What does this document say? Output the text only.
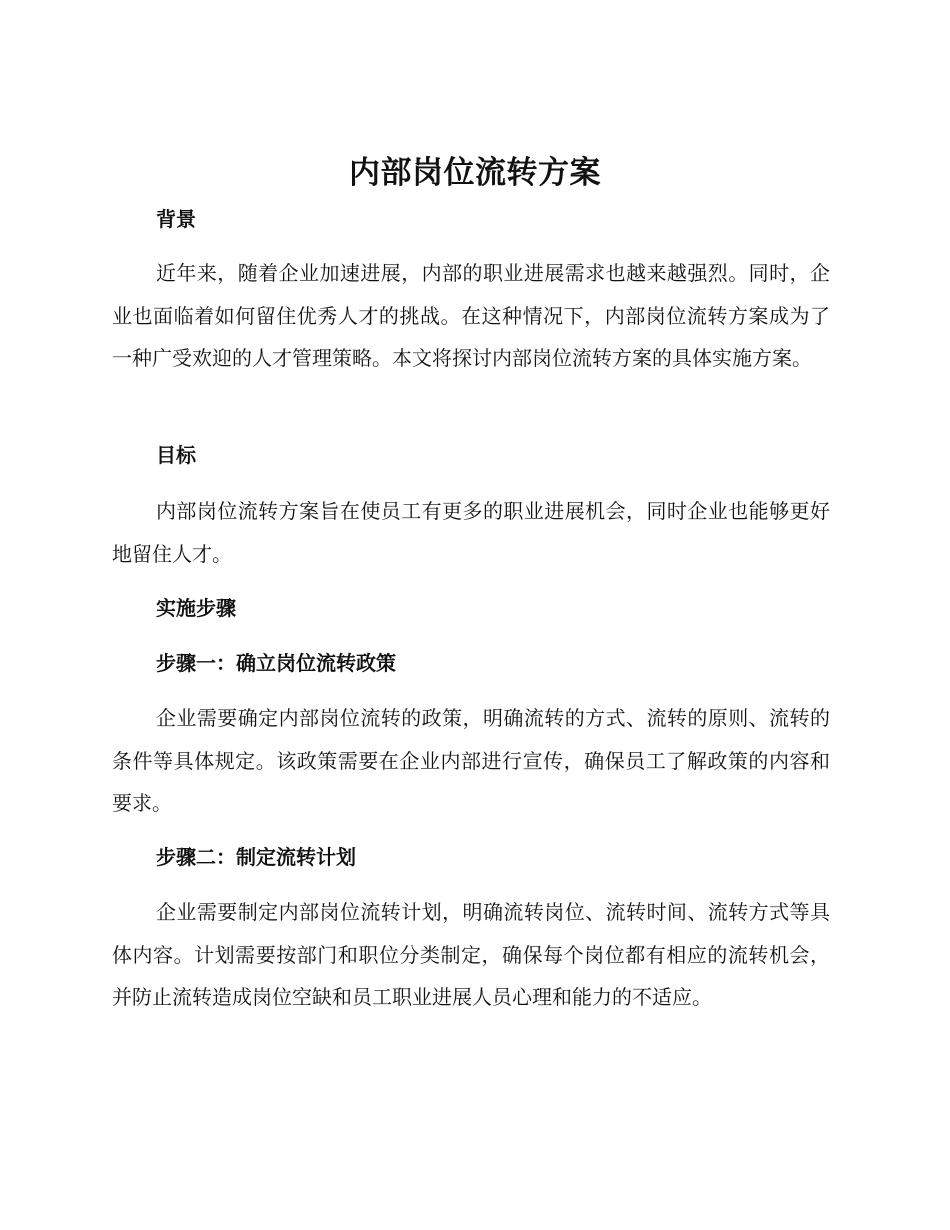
内部岗位流转方案
背景

近年来，随着企业加速进展，内部的职业进展需求也越来越强烈。同时，企业也面临着如何留住优秀人才的挑战。在这种情况下，内部岗位流转方案成为了一种广受欢迎的人才管理策略。本文将探讨内部岗位流转方案的具体实施方案。

目标

内部岗位流转方案旨在使员工有更多的职业进展机会，同时企业也能够更好地留住人才。

实施步骤
步骤一：确立岗位流转政策

企业需要确定内部岗位流转的政策，明确流转的方式、流转的原则、流转的条件等具体规定。该政策需要在企业内部进行宣传，确保员工了解政策的内容和要求。

步骤二：制定流转计划

企业需要制定内部岗位流转计划，明确流转岗位、流转时间、流转方式等具体内容。计划需要按部门和职位分类制定，确保每个岗位都有相应的流转机会，并防止流转造成岗位空缺和员工职业进展人员心理和能力的不适应。
